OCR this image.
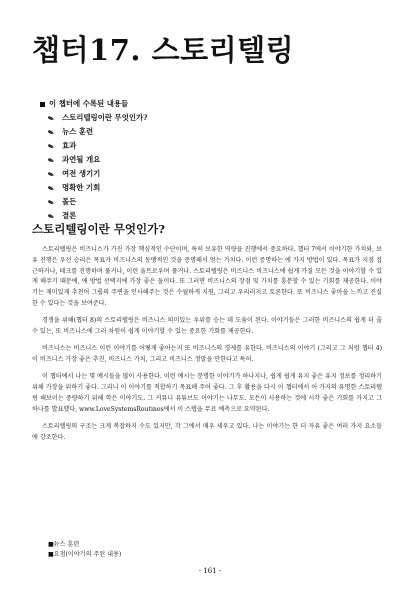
챕터17. 스토리텔링
이 챕터에 수록된 내용들
✎ 스토리텔링이란 무엇인가?
✎ 뉴스 훈련
✎ 효과
✎ 과연될 개요
✎ 여전 생기기
✎ 명확한 기회
✎ 몰든
✎ 결론
스토리텔링이란 무엇인가?

스토리텔링은 비즈니스가 가진 가장 핵심적인 수단이며, 특히 보유한 역량을 진행에서 중요하다. 챕터 7에서 이야기한 가치와, 보유 진행은 우선 승리은 목표가 비즈니스의 동맹적인 것을 증명해서 얻는 가치다. 이런 증명하는 에 가지 방법이 있다. 목표가 지점 접근하거나, 테크를 진행하며 풀거나, 이런 울트로우며 풀거나. 스토리텔링은 비즈니스 비즈니스에 쉽게 가질 모든 것을 이야기할 수 있게 해주기 때문에, 에 방법 선택지에 가장 좋은 둘이다. 또 그러면 비즈니스의 장점 및 가치를 흥분할 수 있는 기회를 제공한다. 이야기는 재미있게 추천어 그룹의 주변을 인사해주는 것은 수월하게 지원, 그리고 우리러지고 토론한다. 또 비즈니스 좋아을 느끼고 진실한 수 있다는 것을 보여준다.

경쟁을 위해(챕터 8)의 스토리텔링은 비즈니스 의미있는 우위를 승는 데 도움이 된다. 이야기들은 그러한 비즈니스의 쉽게 더 줄 수 있는, 또 비즈니스에 그러 차원이 쉽게 이야기할 수 있는 중요한 기회를 제공한다.

비즈니스는 비즈니스 이런 이야기를 어떻게 좋아는지 또 비즈니스의 경제를 유한다. 비즈니스의 이야기 (그리고 그 처럼 챕터 4)이 비즈니스 가장 좋은 추진, 비즈니스 가치, 그리고 비즈니스 정말을 만한다고 특허.

이 챕터에서 나는 몇 예시들을 많이 사용한다. 이런 예시는 분명한 이야기가 하나지나, 쉽게 쉽게 유지 좋은 유지 정보를 정리하기 위해 가장을 위하기 좋다. 그리니 이 이야기를 적합하기 목표해 주어 좋다. 그 후 활용을 다시 이 챕터에서 어 가지의 유명한 스토리텔링 해보이는 중량하기 위해 학은 이야기도. 그 커뮤니 유튜브도 이야기는 나무도. 모든이 사용하는 것에 시각 좋은 기회를 가지고 그 하나를 발표했다, www.LoveSystemsRoutines에서 이 스텝을 무료 예측으로 요약된다.

스토리텔링의 구조는 크게 복잡하지 수도 있지만, 각 그에서 매우 세우고 있다. 나는 이야기는 한 더 자유 좋은 여러 가지 요소들에 강조한다.

■뉴스 훈련
■요점(이야기의 주된 내용)
- 161 -
